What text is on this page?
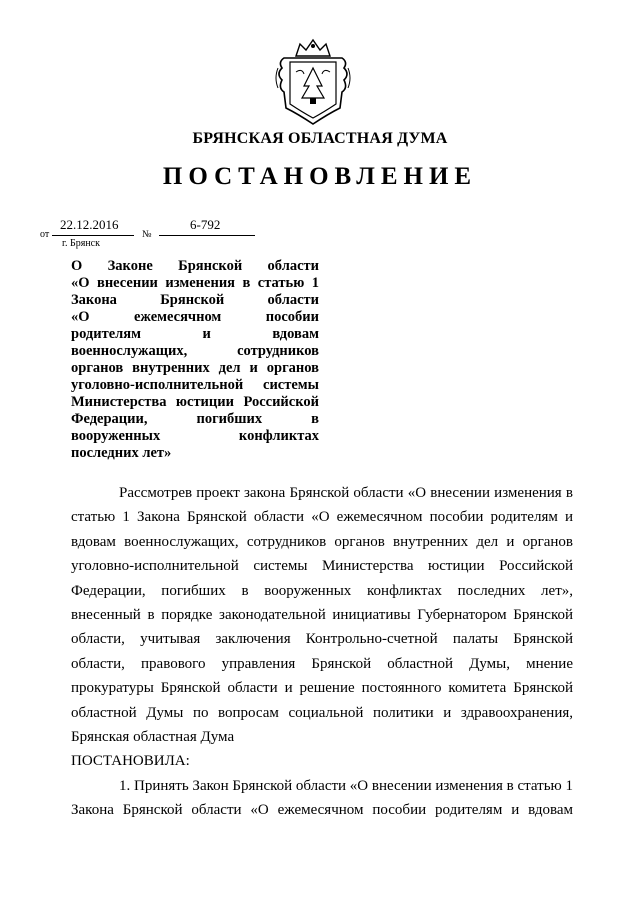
БРЯНСКАЯ ОБЛАСТНАЯ ДУМА
ПОСТАНОВЛЕНИЕ
от
22.12.2016
№
6-792
г. Брянск
О Законе Брянской области
«О внесении изменения в статью 1
Закона Брянской области
«О ежемесячном пособии
родителям и вдовам
военнослужащих, сотрудников
органов внутренних дел и органов
уголовно-исполнительной системы
Министерства юстиции Российской
Федерации, погибших в
вооруженных конфликтах
последних лет»
Рассмотрев проект закона Брянской области «О внесении изменения в
статью 1 Закона Брянской области «О ежемесячном пособии родителям и
вдовам военнослужащих, сотрудников органов внутренних дел и органов
уголовно-исполнительной системы Министерства юстиции Российской
Федерации, погибших в вооруженных конфликтах последних лет»,
внесенный в порядке законодательной инициативы Губернатором Брянской
области, учитывая заключения Контрольно-счетной палаты Брянской
области, правового управления Брянской областной Думы, мнение
прокуратуры Брянской области и решение постоянного комитета Брянской
областной Думы по вопросам социальной политики и здравоохранения,
Брянская областная Дума
ПОСТАНОВИЛА:
1. Принять Закон Брянской области «О внесении изменения в статью 1
Закона Брянской области «О ежемесячном пособии родителям и вдовам
